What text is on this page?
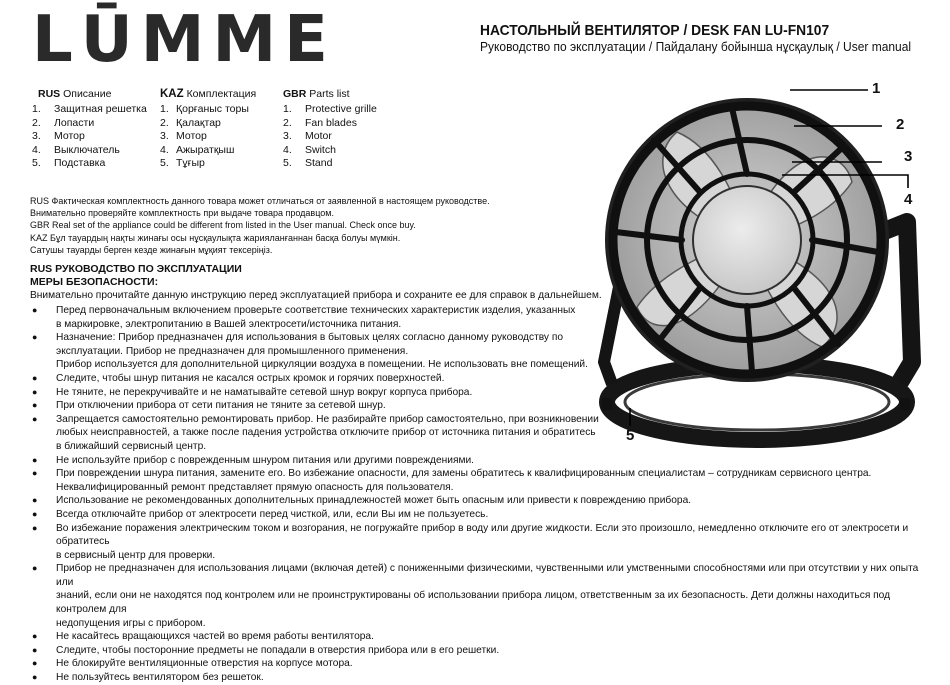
LŪMME	НАСТОЛЬНЫЙ ВЕНТИЛЯТОР / DESK FAN LU-FN107
Руководство по эксплуатации / Пайдалану бойынша нұсқаулық / User manual
RUS Описание
1.	Защитная решетка
2.	Лопасти
3.	Мотор
4.	Выключатель
5.	Подставка
KAZ Комплектация
1. Қорғаныс торы
2. Қалақтар
3. Мотор
4. Ажыратқыш
5. Тұғыр
GBR Parts list
1.	Protective grille
2.	Fan blades
3.	Motor
4.	Switch
5.	Stand
RUS Фактическая комплектность данного товара может отличаться от заявленной в настоящем руководстве.
Внимательно проверяйте комплектность при выдаче товара продавцом.
GBR Real set of the appliance could be different from listed in the User manual. Check once buy.
KAZ Бұл тауардың нақты жинағы осы нұсқаулықта жарияланғаннан басқа болуы мүмкін.
Сатушы тауарды берген кезде жинағын мұқият тексеріңіз.
RUS РУКОВОДСТВО ПО ЭКСПЛУАТАЦИИ
МЕРЫ БЕЗОПАСНОСТИ:
Внимательно прочитайте данную инструкцию перед эксплуатацией прибора и сохраните ее для справок в дальнейшем.
●	Перед первоначальным включением проверьте соответствие технических характеристик изделия, указанных
в маркировке, электропитанию в Вашей электросети/источника питания.
●	Назначение: Прибор предназначен для использования в бытовых целях согласно данному руководству по
эксплуатации. Прибор не предназначен для промышленного применения.
Прибор используется для дополнительной циркуляции воздуха в помещении. Не использовать вне помещений.
●	Следите, чтобы шнур питания не касался острых кромок и горячих поверхностей.
●	Не тяните, не перекручивайте и не наматывайте сетевой шнур вокруг корпуса прибора.
●	При отключении прибора от сети питания не тяните за сетевой шнур.
●	Запрещается самостоятельно ремонтировать прибор. Не разбирайте прибор самостоятельно, при возникновении
любых неисправностей, а также после падения устройства отключите прибор от источника питания и обратитесь
в ближайший сервисный центр.
●	Не используйте прибор с поврежденным шнуром питания или другими повреждениями.
●	При повреждении шнура питания, замените его. Во избежание опасности, для замены обратитесь к квалифицированным специалистам – сотрудникам сервисного центра.
Неквалифицированный ремонт представляет прямую опасность для пользователя.
●	Использование не рекомендованных дополнительных принадлежностей может быть опасным или привести к повреждению прибора.
●	Всегда отключайте прибор от электросети перед чисткой, или, если Вы им не пользуетесь.
●	Во избежание поражения электрическим током и возгорания, не погружайте прибор в воду или другие жидкости. Если это произошло, немедленно отключите его от электросети и обратитесь
в сервисный центр для проверки.
●	Прибор не предназначен для использования лицами (включая детей) с пониженными физическими, чувственными или умственными способностями или при отсутствии у них опыта или
знаний, если они не находятся под контролем или не проинструктированы об использовании прибора лицом, ответственным за их безопасность. Дети должны находиться под контролем для
недопущения игры с прибором.
●	Не касайтесь вращающихся частей во время работы вентилятора.
●	Следите, чтобы посторонние предметы не попадали в отверстия прибора или в его решетки.
●	Не блокируйте вентиляционные отверстия на корпусе мотора.
●	Не пользуйтесь вентилятором без решеток.
1
2
3
4
5
